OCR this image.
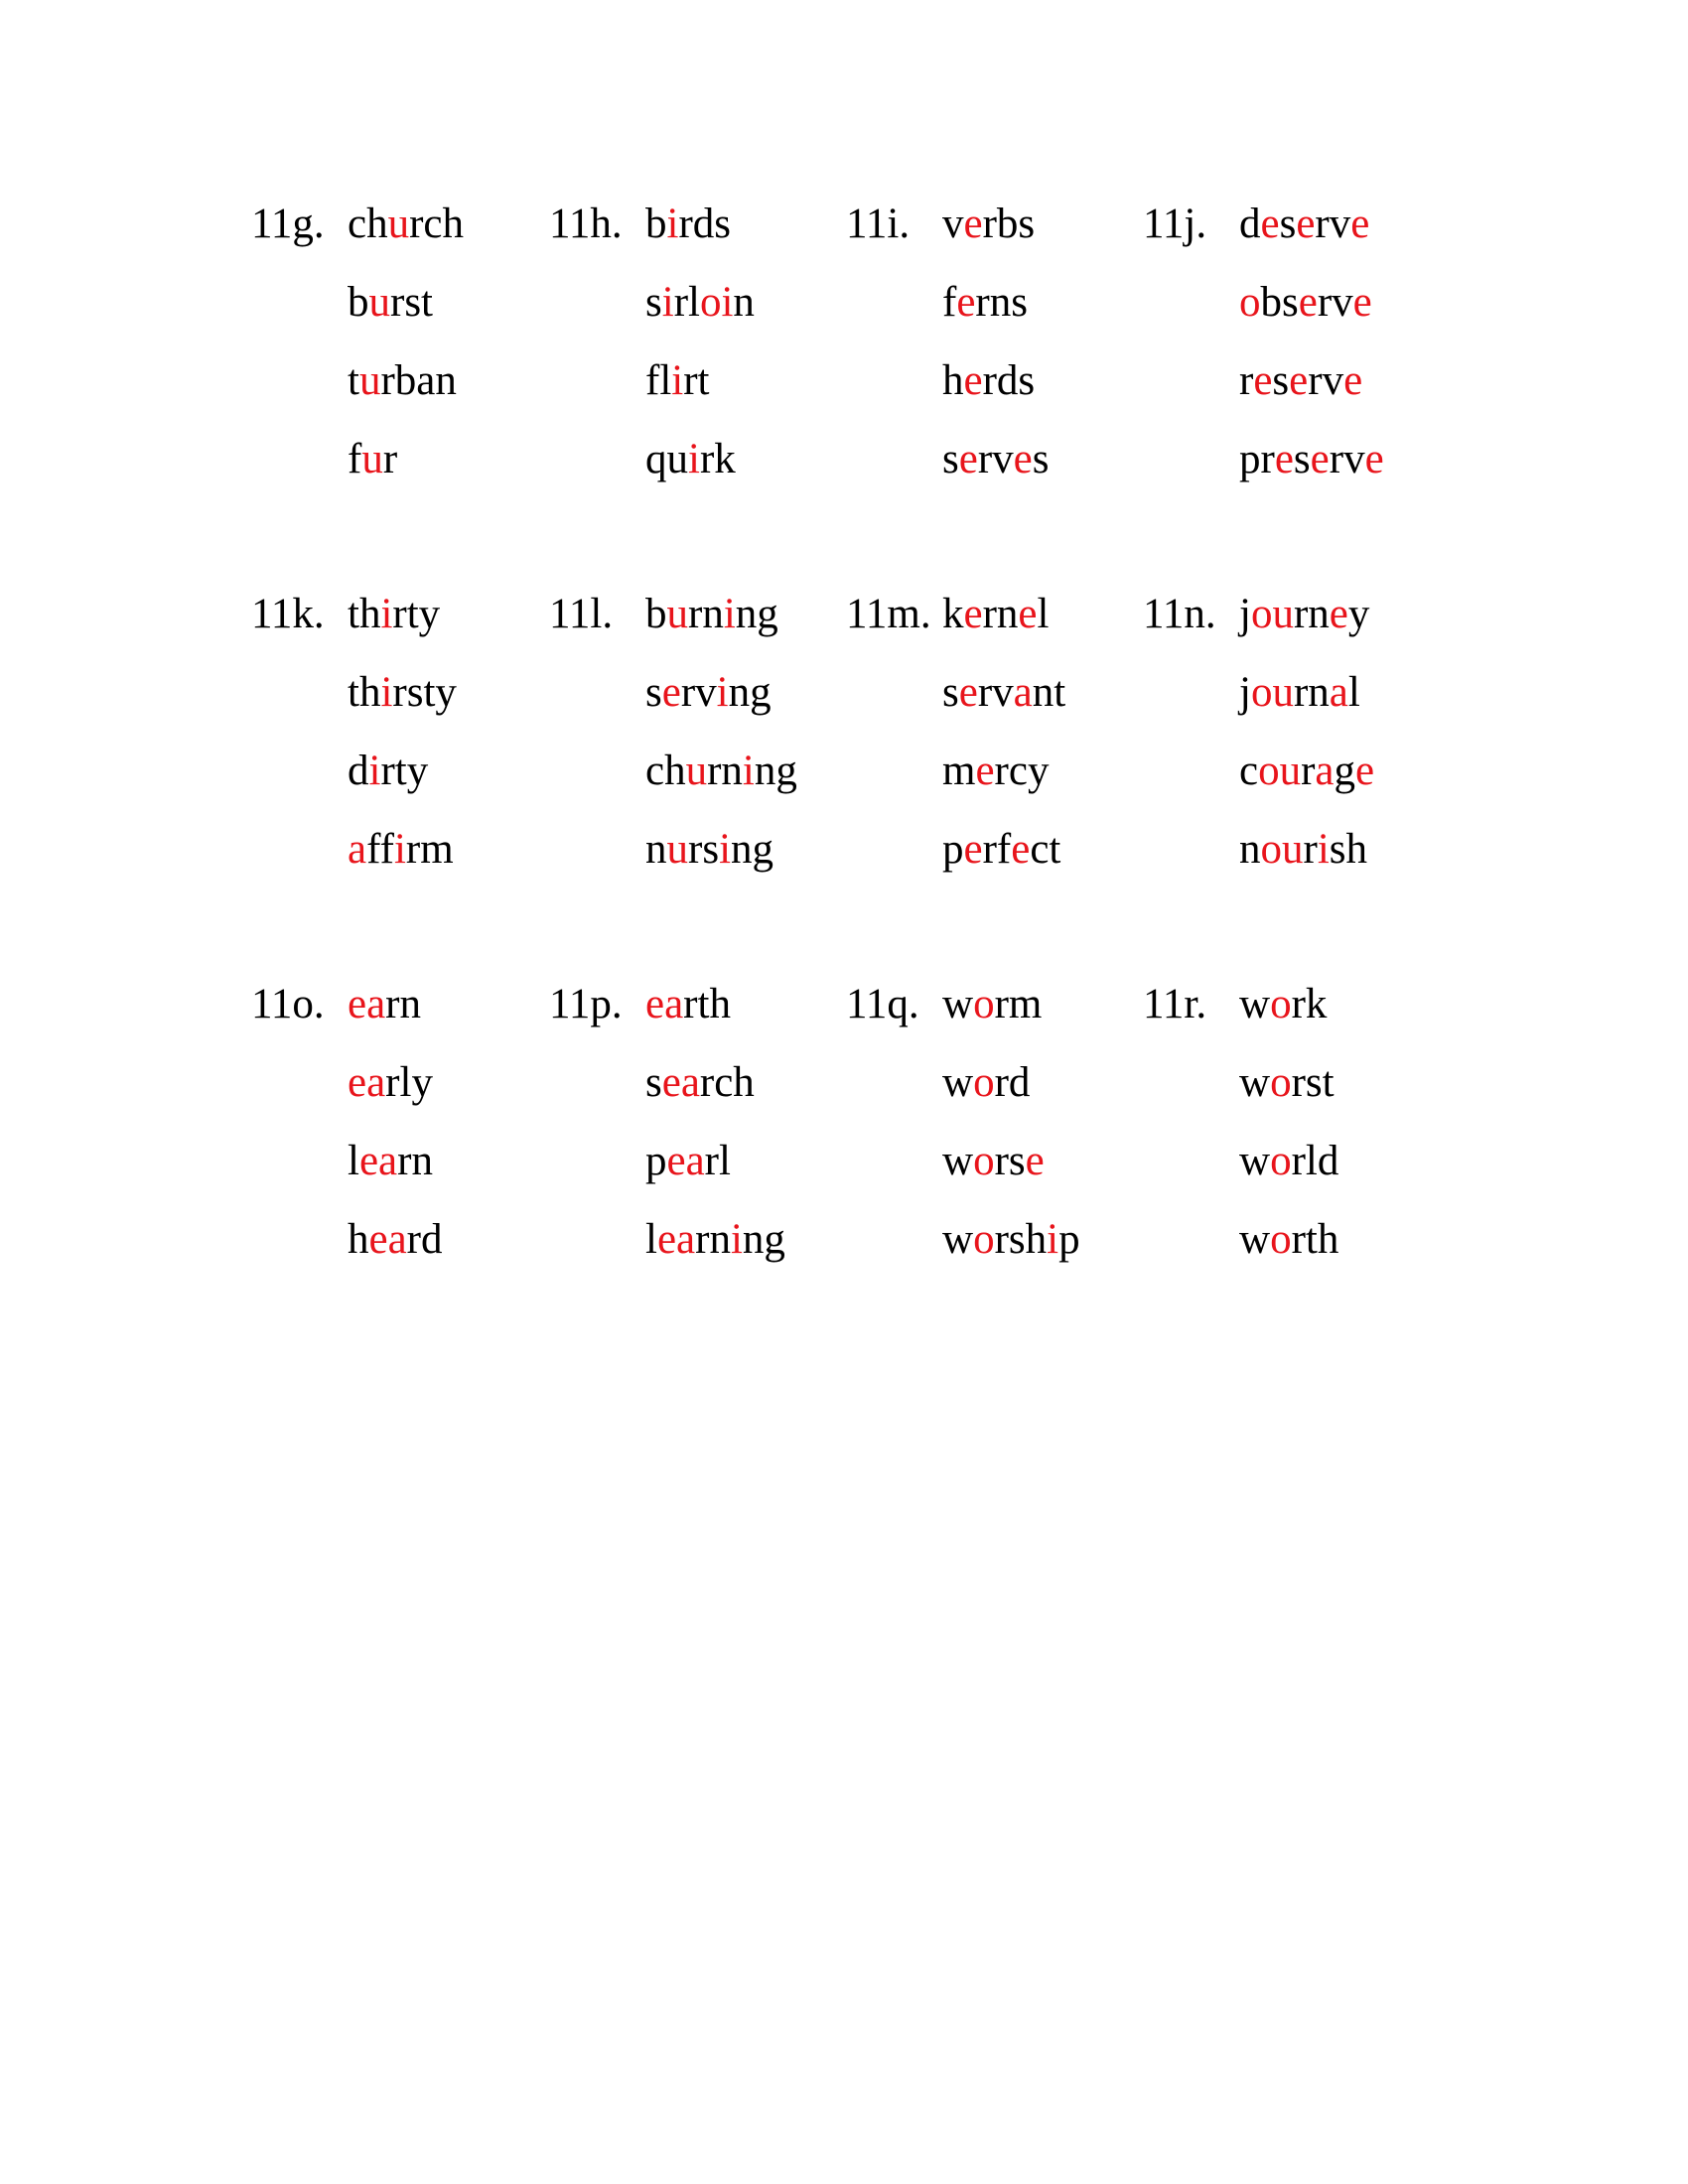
11g. church
burst
turban
fur
11h. birds
sirloin
flirt
quirk
11i. verbs
ferns
herds
serves
11j. deserve
observe
reserve
preserve
11k. thirty
thirsty
dirty
affirm
11l. burning
serving
churning
nursing
11m. kernel
servant
mercy
perfect
11n. journey
journal
courage
nourish
11o. earn
early
learn
heard
11p. earth
search
pearl
learning
11q. worm
word
worse
worship
11r. work
worst
world
worth
